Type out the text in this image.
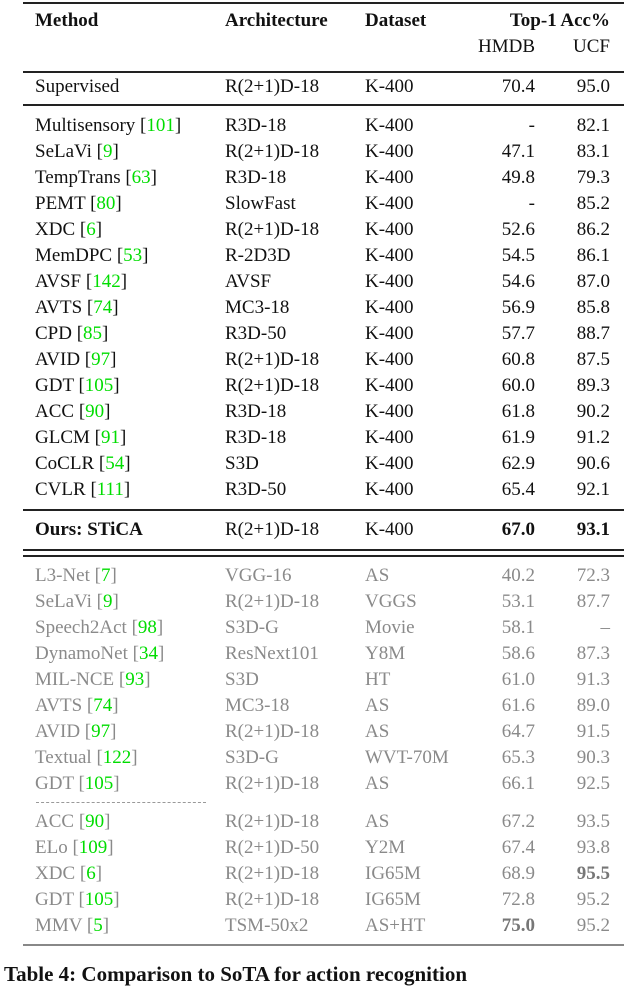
Method	Architecture Dataset	Top-1 Acc%
HMDB UCF
Supervised	R(2+1)D-18 K-400	70.4 95.0
Multisensory [101] R3D-18	K-400	- 82.1
SeLaVi [9]	R(2+1)D-18 K-400	47.1 83.1
TempTrans [63]	R3D-18	K-400	49.8 79.3
PEMT [80]	SlowFast	K-400	- 85.2
XDC [6]	R(2+1)D-18 K-400	52.6 86.2
MemDPC [53]	R-2D3D	K-400	54.5 86.1
AVSF [142]	AVSF	K-400	54.6 87.0
AVTS [74]	MC3-18	K-400	56.9 85.8
CPD [85]	R3D-50	K-400	57.7 88.7
AVID [97]	R(2+1)D-18 K-400	60.8 87.5
GDT [105]	R(2+1)D-18 K-400	60.0 89.3
ACC [90]	R3D-18	K-400	61.8 90.2
GLCM [91]	R3D-18	K-400	61.9 91.2
CoCLR [54]	S3D	K-400	62.9 90.6
CVLR [111]	R3D-50	K-400	65.4 92.1
Ours: STiCA	R(2+1)D-18 K-400	67.0 93.1
L3-Net [7]	VGG-16	AS	40.2 72.3
SeLaVi [9]	R(2+1)D-18 VGGS	53.1 87.7
Speech2Act [98]	S3D-G	Movie	58.1	–
DynamoNet [34]	ResNext101 Y8M	58.6 87.3
MIL-NCE [93]	S3D	HT	61.0 91.3
AVTS [74]	MC3-18	AS	61.6 89.0
AVID [97]	R(2+1)D-18 AS	64.7 91.5
Textual [122]	S3D-G	WVT-70M	65.3 90.3
GDT [105]	R(2+1)D-18 AS	66.1 92.5
ACC [90]	R(2+1)D-18 AS	67.2 93.5
ELo [109]	R(2+1)D-50 Y2M	67.4 93.8
XDC [6]	R(2+1)D-18 IG65M	68.9 95.5
GDT [105]	R(2+1)D-18 IG65M	72.8 95.2
MMV [5]	TSM-50x2	AS+HT	75.0 95.2
Table 4: Comparison to SoTA for action recognition
